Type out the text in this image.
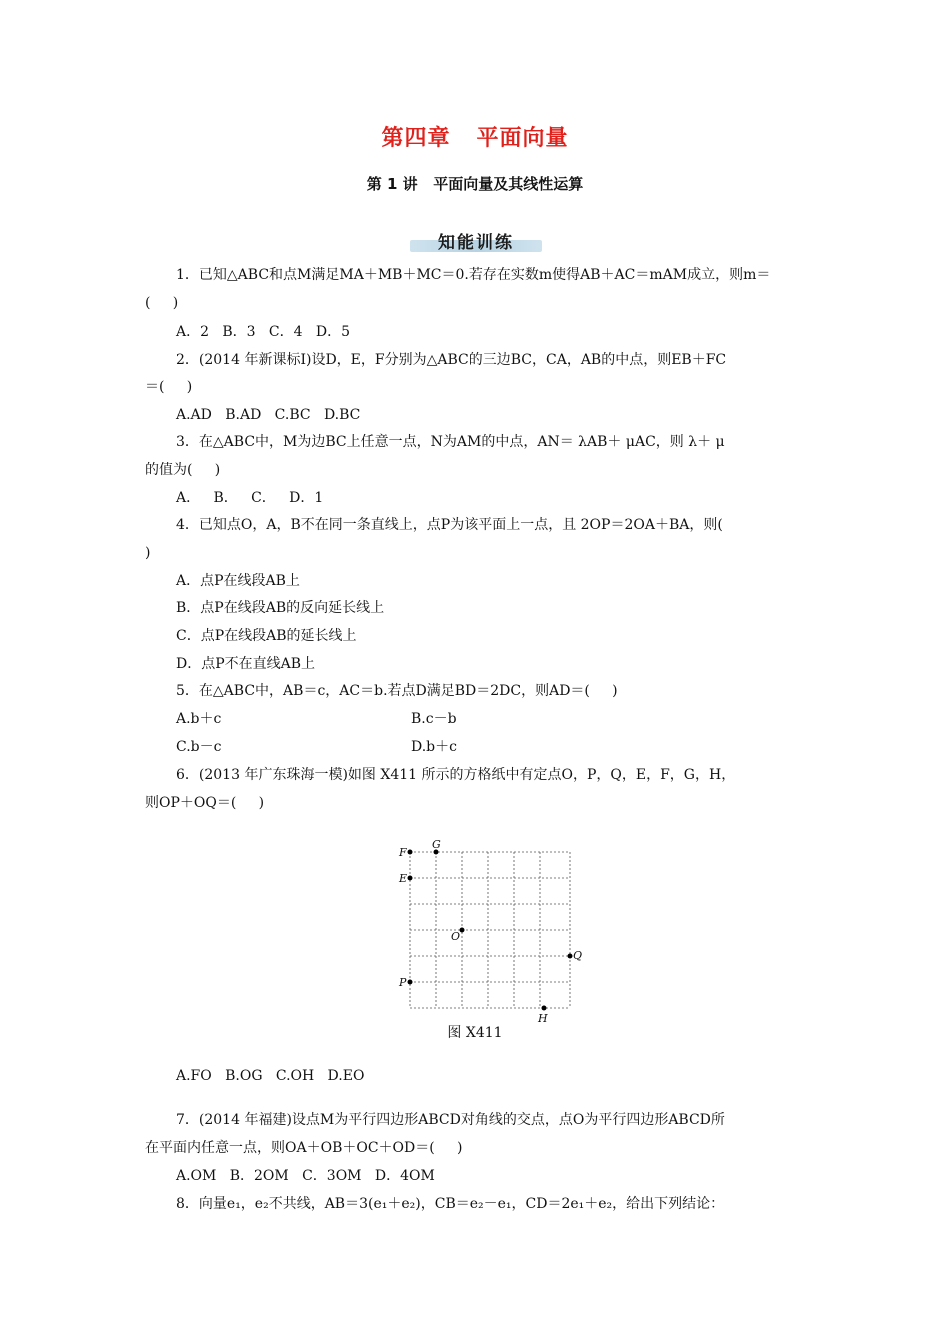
第四章   平面向量
第 1 讲   平面向量及其线性运算
知能训练
1．已知△ABC和点M满足MA＋MB＋MC＝0.若存在实数m使得AB＋AC＝mAM成立，则m＝
(     )
A．2   B．3   C．4   D．5
2．(2014 年新课标Ⅰ)设D，E，F分别为△ABC的三边BC，CA，AB的中点，则EB＋FC
＝(     )
A.AD   B.AD   C.BC   D.BC
3．在△ABC中，M为边BC上任意一点，N为AM的中点，AN＝ λAB＋ μAC，则 λ＋ μ
的值为(     )
A．   B．   C．   D．1
4．已知点O，A，B不在同一条直线上，点P为该平面上一点，且 2OP＝2OA＋BA，则(
)
A．点P在线段AB上
B．点P在线段AB的反向延长线上
C．点P在线段AB的延长线上
D．点P不在直线AB上
5．在△ABC中，AB＝c，AC＝b.若点D满足BD＝2DC，则AD＝(     )
A.b＋c	B.c－b
C.b－c	D.b＋c
6．(2013 年广东珠海一模)如图 X411 所示的方格纸中有定点O，P，Q，E，F，G，H，
则OP＋OQ＝(     )
F
G
E
O
Q
P
H
图 X411
A.FO   B.OG   C.OH   D.EO
7．(2014 年福建)设点M为平行四边形ABCD对角线的交点，点O为平行四边形ABCD所
在平面内任意一点，则OA＋OB＋OC＋OD＝(     )
A.OM   B．2OM   C．3OM   D．4OM
8．向量e₁，e₂不共线，AB＝3(e₁＋e₂)，CB＝e₂－e₁，CD＝2e₁＋e₂，给出下列结论：
